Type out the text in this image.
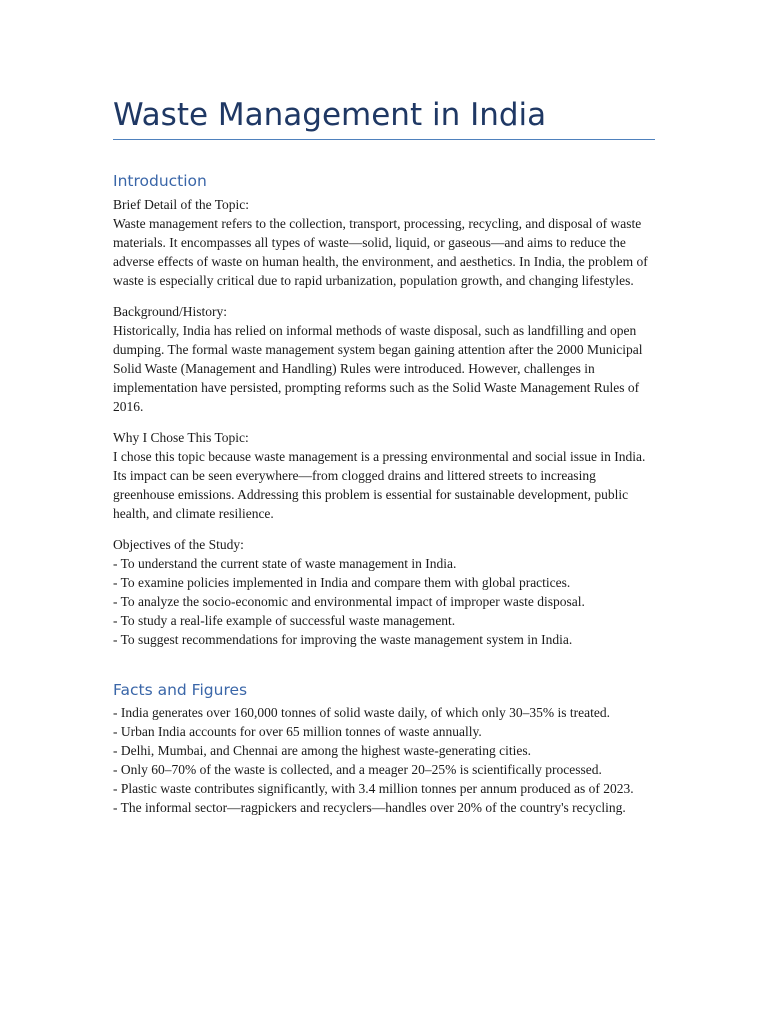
Waste Management in India
Introduction

Brief Detail of the Topic:
Waste management refers to the collection, transport, processing, recycling, and disposal of waste materials. It encompasses all types of waste—solid, liquid, or gaseous—and aims to reduce the adverse effects of waste on human health, the environment, and aesthetics. In India, the problem of waste is especially critical due to rapid urbanization, population growth, and changing lifestyles.

Background/History:
Historically, India has relied on informal methods of waste disposal, such as landfilling and open dumping. The formal waste management system began gaining attention after the 2000 Municipal Solid Waste (Management and Handling) Rules were introduced. However, challenges in implementation have persisted, prompting reforms such as the Solid Waste Management Rules of 2016.

Why I Chose This Topic:
I chose this topic because waste management is a pressing environmental and social issue in India. Its impact can be seen everywhere—from clogged drains and littered streets to increasing greenhouse emissions. Addressing this problem is essential for sustainable development, public health, and climate resilience.

Objectives of the Study:
- To understand the current state of waste management in India.
- To examine policies implemented in India and compare them with global practices.
- To analyze the socio-economic and environmental impact of improper waste disposal.
- To study a real-life example of successful waste management.
- To suggest recommendations for improving the waste management system in India.

Facts and Figures

- India generates over 160,000 tonnes of solid waste daily, of which only 30–35% is treated.
- Urban India accounts for over 65 million tonnes of waste annually.
- Delhi, Mumbai, and Chennai are among the highest waste-generating cities.
- Only 60–70% of the waste is collected, and a meager 20–25% is scientifically processed.
- Plastic waste contributes significantly, with 3.4 million tonnes per annum produced as of 2023.
- The informal sector—ragpickers and recyclers—handles over 20% of the country's recycling.
